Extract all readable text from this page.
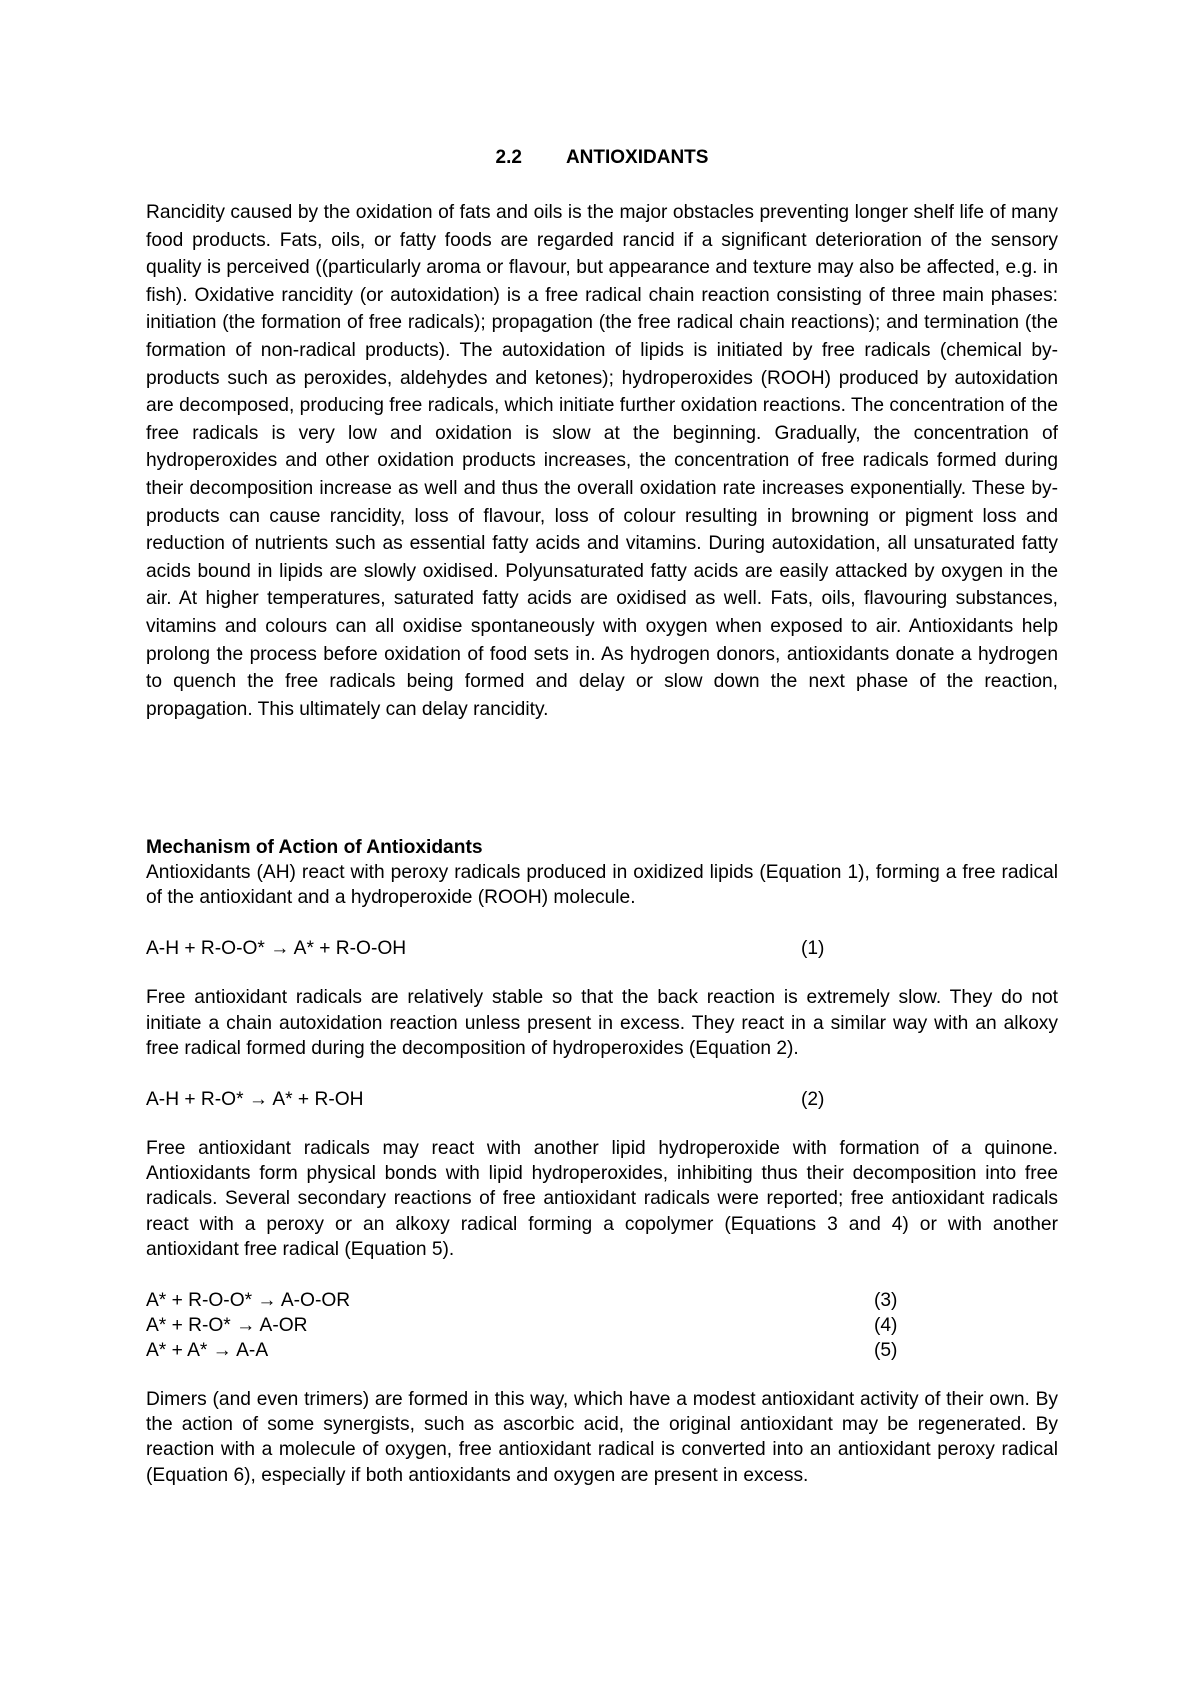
2.2 ANTIOXIDANTS

Rancidity caused by the oxidation of fats and oils is the major obstacles preventing longer shelf life of many food products. Fats, oils, or fatty foods are regarded rancid if a significant deterioration of the sensory quality is perceived ((particularly aroma or flavour, but appearance and texture may also be affected, e.g. in fish). Oxidative rancidity (or autoxidation) is a free radical chain reaction consisting of three main phases: initiation (the formation of free radicals); propagation (the free radical chain reactions); and termination (the formation of non-radical products). The autoxidation of lipids is initiated by free radicals (chemical by-products such as peroxides, aldehydes and ketones); hydroperoxides (ROOH) produced by autoxidation are decomposed, producing free radicals, which initiate further oxidation reactions. The concentration of the free radicals is very low and oxidation is slow at the beginning. Gradually, the concentration of hydroperoxides and other oxidation products increases, the concentration of free radicals formed during their decomposition increase as well and thus the overall oxidation rate increases exponentially. These by-products can cause rancidity, loss of flavour, loss of colour resulting in browning or pigment loss and reduction of nutrients such as essential fatty acids and vitamins. During autoxidation, all unsaturated fatty acids bound in lipids are slowly oxidised. Polyunsaturated fatty acids are easily attacked by oxygen in the air. At higher temperatures, saturated fatty acids are oxidised as well. Fats, oils, flavouring substances, vitamins and colours can all oxidise spontaneously with oxygen when exposed to air. Antioxidants help prolong the process before oxidation of food sets in. As hydrogen donors, antioxidants donate a hydrogen to quench the free radicals being formed and delay or slow down the next phase of the reaction, propagation. This ultimately can delay rancidity.

Mechanism of Action of Antioxidants

Antioxidants (AH) react with peroxy radicals produced in oxidized lipids (Equation 1), forming a free radical of the antioxidant and a hydroperoxide (ROOH) molecule.

A-H + R-O-O* → A* + R-O-OH	(1)

Free antioxidant radicals are relatively stable so that the back reaction is extremely slow. They do not initiate a chain autoxidation reaction unless present in excess. They react in a similar way with an alkoxy free radical formed during the decomposition of hydroperoxides (Equation 2).

A-H + R-O* → A* + R-OH	(2)

Free antioxidant radicals may react with another lipid hydroperoxide with formation of a quinone. Antioxidants form physical bonds with lipid hydroperoxides, inhibiting thus their decomposition into free radicals. Several secondary reactions of free antioxidant radicals were reported; free antioxidant radicals react with a peroxy or an alkoxy radical forming a copolymer (Equations 3 and 4) or with another antioxidant free radical (Equation 5).

A* + R-O-O* → A-O-OR	(3)
A* + R-O* → A-OR	(4)
A* + A* → A-A	(5)

Dimers (and even trimers) are formed in this way, which have a modest antioxidant activity of their own. By the action of some synergists, such as ascorbic acid, the original antioxidant may be regenerated. By reaction with a molecule of oxygen, free antioxidant radical is converted into an antioxidant peroxy radical (Equation 6), especially if both antioxidants and oxygen are present in excess.
